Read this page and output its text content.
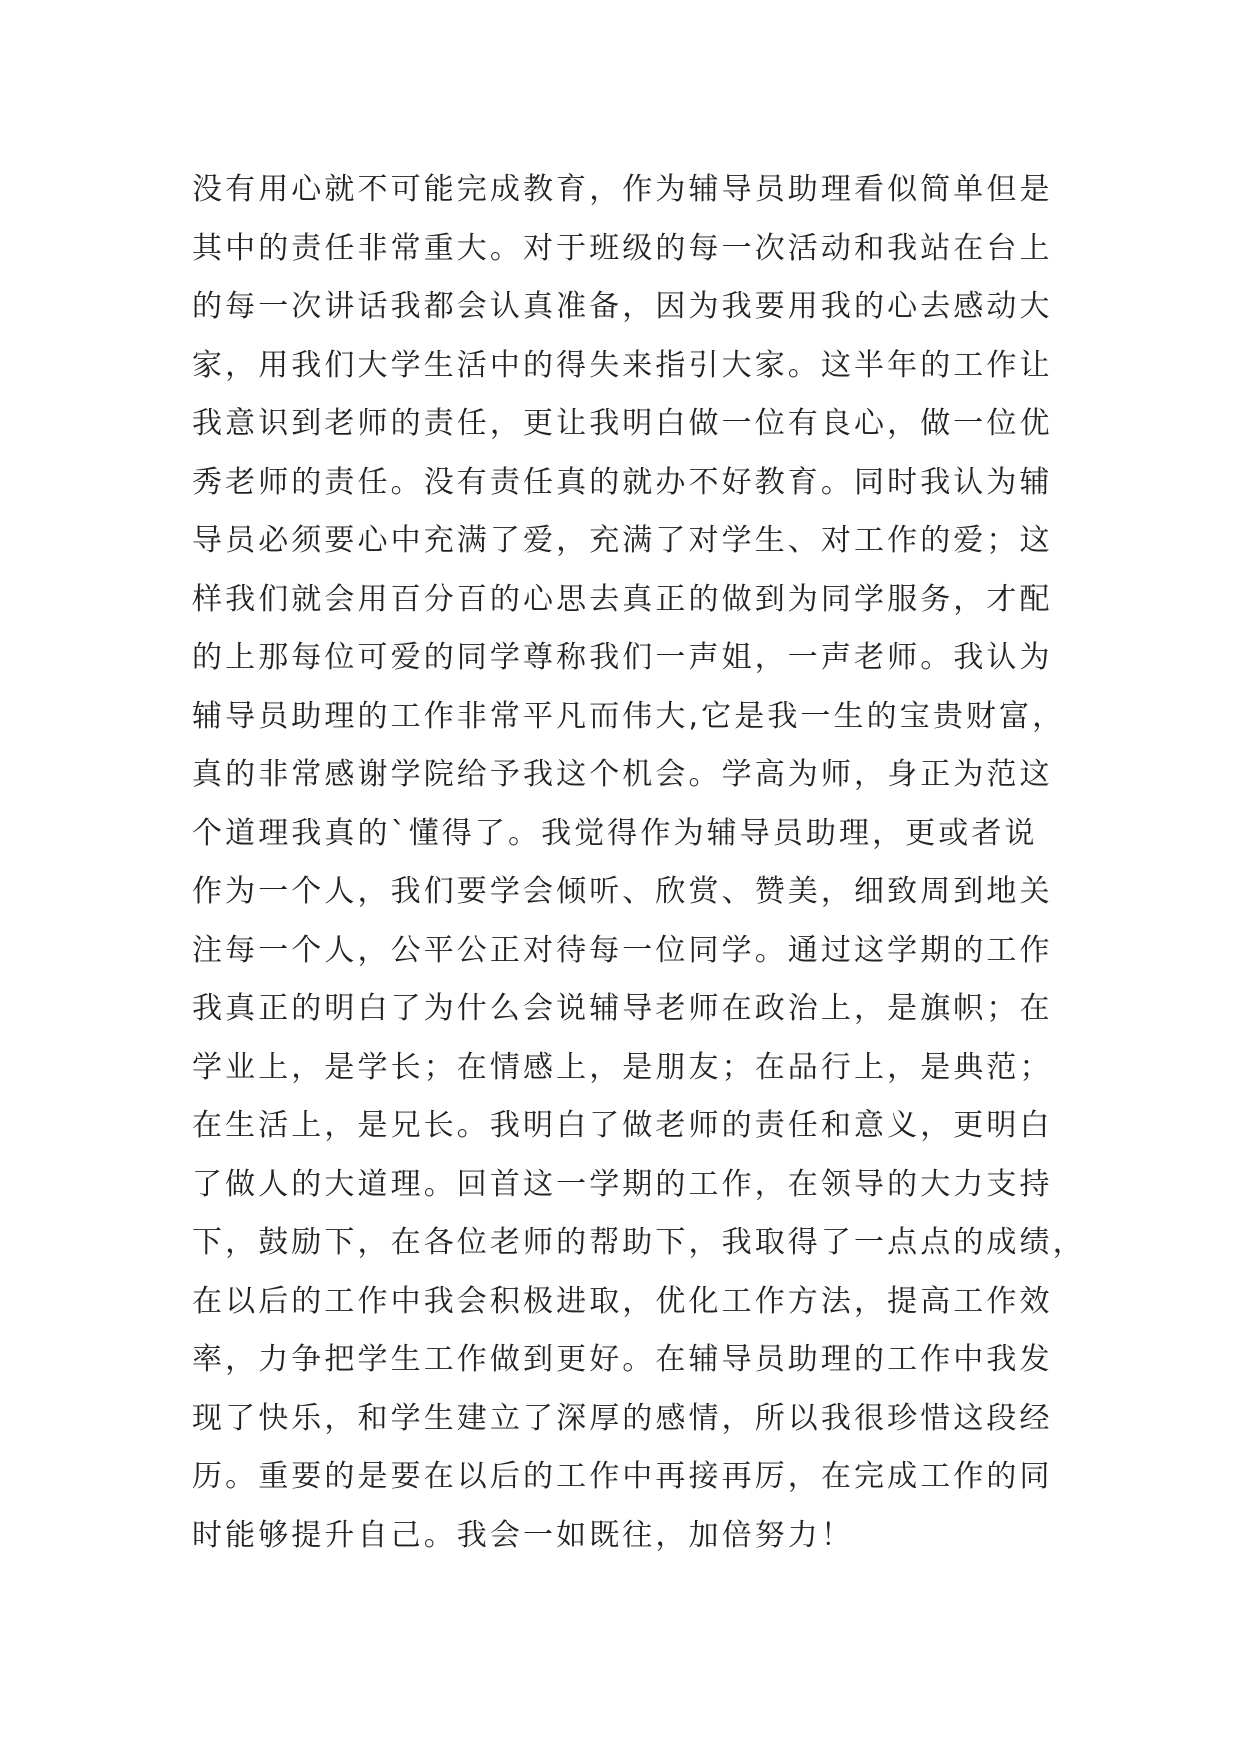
没有用心就不可能完成教育，作为辅导员助理看似简单但是
其中的责任非常重大。对于班级的每一次活动和我站在台上
的每一次讲话我都会认真准备，因为我要用我的心去感动大
家，用我们大学生活中的得失来指引大家。这半年的工作让
我意识到老师的责任，更让我明白做一位有良心，做一位优
秀老师的责任。没有责任真的就办不好教育。同时我认为辅
导员必须要心中充满了爱，充满了对学生、对工作的爱；这
样我们就会用百分百的心思去真正的做到为同学服务，才配
的上那每位可爱的同学尊称我们一声姐，一声老师。我认为
辅导员助理的工作非常平凡而伟大,它是我一生的宝贵财富，
真的非常感谢学院给予我这个机会。学高为师，身正为范这
个道理我真的`懂得了。我觉得作为辅导员助理，更或者说
作为一个人，我们要学会倾听、欣赏、赞美，细致周到地关
注每一个人，公平公正对待每一位同学。通过这学期的工作
我真正的明白了为什么会说辅导老师在政治上，是旗帜；在
学业上，是学长；在情感上，是朋友；在品行上，是典范；
在生活上，是兄长。我明白了做老师的责任和意义，更明白
了做人的大道理。回首这一学期的工作，在领导的大力支持
下，鼓励下，在各位老师的帮助下，我取得了一点点的成绩，
在以后的工作中我会积极进取，优化工作方法，提高工作效
率，力争把学生工作做到更好。在辅导员助理的工作中我发
现了快乐，和学生建立了深厚的感情，所以我很珍惜这段经
历。重要的是要在以后的工作中再接再厉，在完成工作的同
时能够提升自己。我会一如既往，加倍努力！
